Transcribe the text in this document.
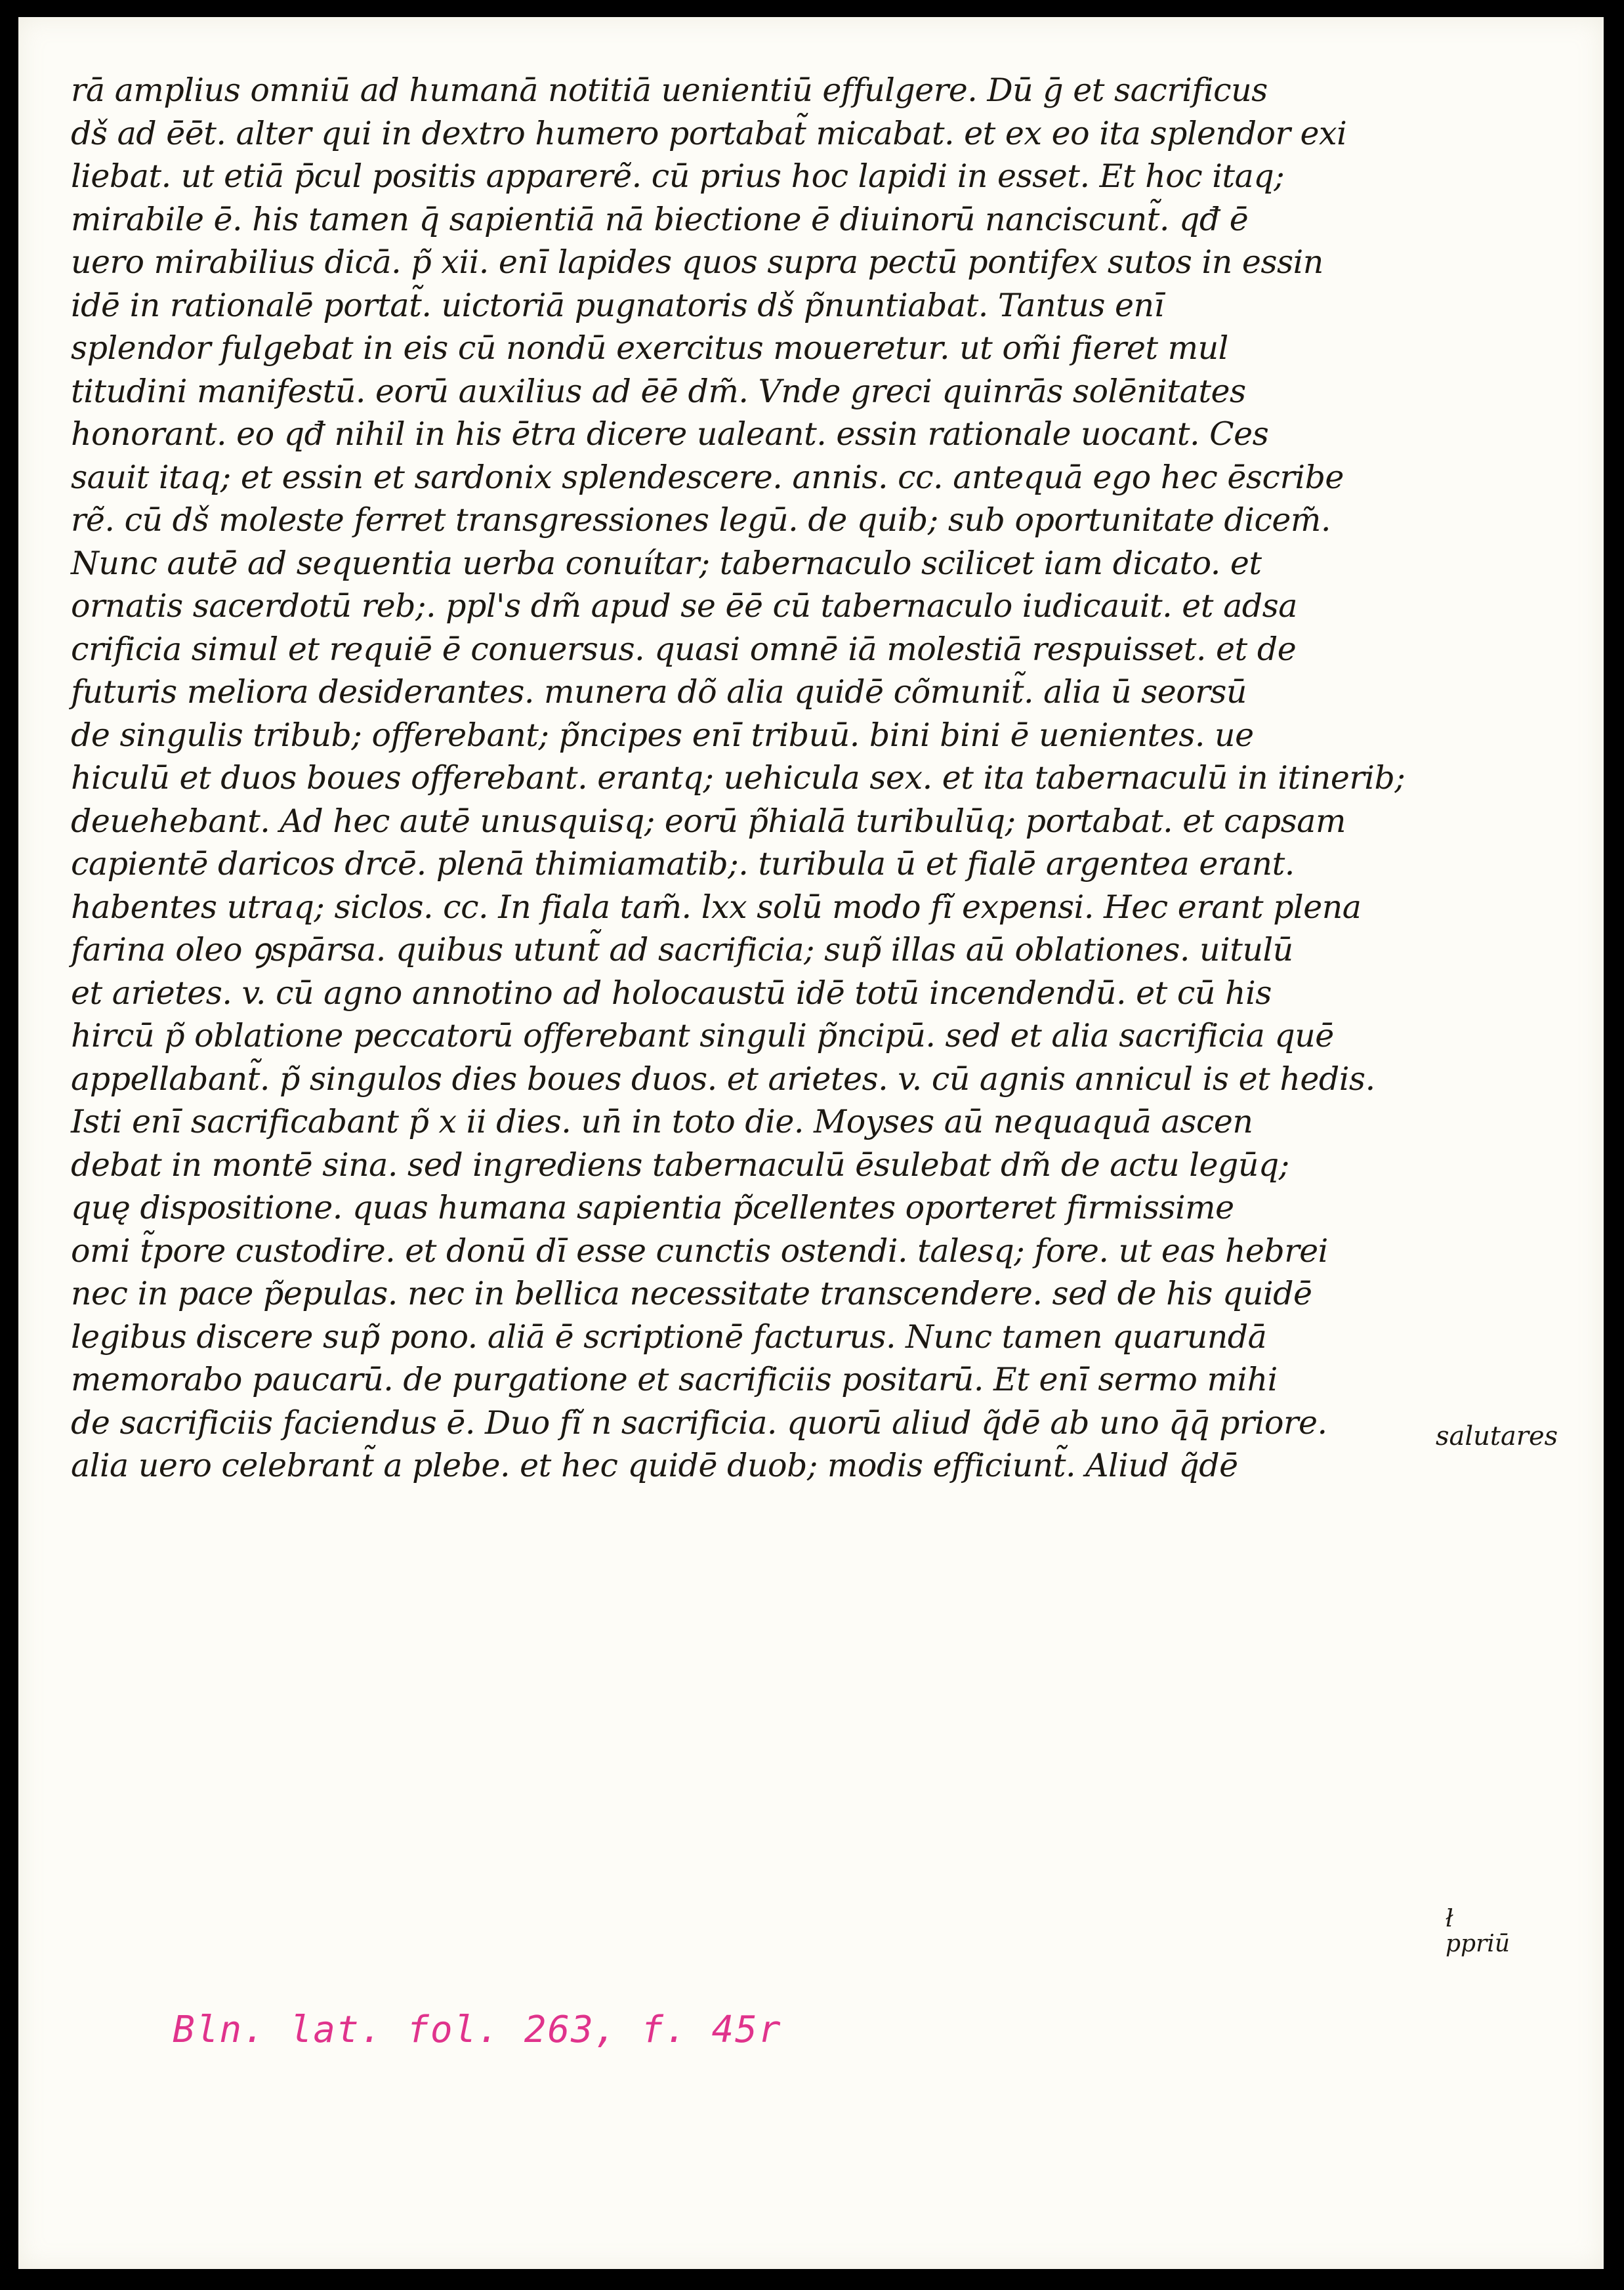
rā amplius omniū ad humanā notitiā uenientiū effulgere. Dū ḡ et sacrificus
dš ad ēēt. alter qui in dextro humero portabat̃ micabat. et ex eo ita splendor exi
liebat. ut etiā p̄cul positis apparerẽ. cū prius hoc lapidi in esset. Et hoc itaq;
mirabile ē. his tamen q̄ sapientiā nā biectione ē diuinorū nanciscunt̃. qđ ē
uero mirabilius dicā. p̃ xii. enī lapides quos supra pectū pontifex sutos in essin
idē in rationalē portat̃. uictoriā pugnatoris dš p̃nuntiabat. Tantus enī
splendor fulgebat in eis cū nondū exercitus moueretur. ut om̃i fieret mul
titudini manifestū. eorū auxilius ad ēē dm̃. Vnde greci quinrās solēnitates
honorant. eo qđ nihil in his ētra dicere ualeant. essin rationale uocant. Ces
sauit itaq; et essin et sardonix splendescere. annis. cc. antequā ego hec ēscribe
rẽ. cū dš moleste ferret transgressiones legū. de quib; sub oportunitate dicem̃.
Nunc autē ad sequentia uerba conuítar; tabernaculo scilicet iam dicato. et
ornatis sacerdotū reb;. ppl's dm̃ apud se ēē cū tabernaculo iudicauit. et adsa
crificia simul et requiē ē conuersus. quasi omnē iā molestiā respuisset. et de
futuris meliora desiderantes. munera dõ alia quidē cõmunit̃. alia ū seorsū
de singulis tribub; offerebant; p̃ncipes enī tribuū. bini bini ē uenientes. ue
hiculū et duos boues offerebant. erantq; uehicula sex. et ita tabernaculū in itinerib;
deuehebant. Ad hec autē unusquisq; eorū p̃hialā turibulūq; portabat. et capsam
capientē daricos drcē. plenā thimiamatib;. turibula ū et fialē argentea erant.
habentes utraq; siclos. cc. In fiala tam̃. lxx solū modo fĩ expensi. Hec erant plena
farina oleo ꝯspārsa. quibus utunt̃ ad sacrificia; sup̃ illas aū oblationes. uitulū
et arietes. v. cū agno annotino ad holocaustū idē totū incendendū. et cū his
hircū p̃ oblatione peccatorū offerebant singuli p̃ncipū. sed et alia sacrificia quē
appellabant̃. p̃ singulos dies boues duos. et arietes. v. cū agnis annicul is et hedis.
Isti enī sacrificabant p̃ x ii dies. un̄ in toto die. Moyses aū nequaquā ascen
debat in montē sina. sed ingrediens tabernaculū ēsulebat dm̃ de actu legūq;
quę dispositione. quas humana sapientia p̃cellentes oporteret firmissime
omi t̃pore custodire. et donū dī esse cunctis ostendi. talesq; fore. ut eas hebrei
nec in pace p̃epulas. nec in bellica necessitate transcendere. sed de his quidē
legibus discere sup̃ pono. aliā ē scriptionē facturus. Nunc tamen quarundā
memorabo paucarū. de purgatione et sacrificiis positarū. Et enī sermo mihi
de sacrificiis faciendus ē. Duo fĩ n sacrificia. quorū aliud q̃dē ab uno q̄q̄ priore.
alia uero celebrant̃ a plebe. et hec quidē duob; modis efficiunt̃. Aliud q̃dē
salutares
ł
ppriū
Bln. lat. fol. 263, f. 45r
